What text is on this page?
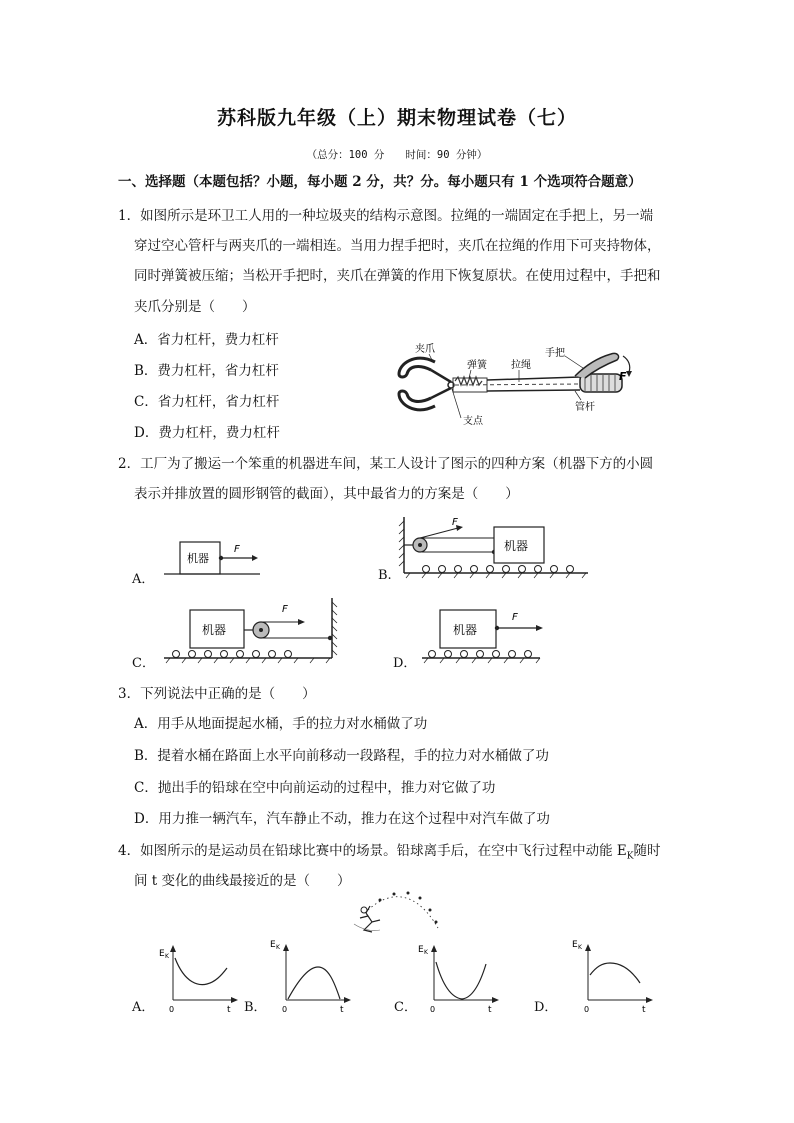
苏科版九年级（上）期末物理试卷（七）
（总分：100 分　　时间：90 分钟）
一、选择题（本题包括？小题，每小题 2 分，共？分。每小题只有 1 个选项符合题意）
1．如图所示是环卫工人用的一种垃圾夹的结构示意图。拉绳的一端固定在手把上，另一端
穿过空心管杆与两夹爪的一端相连。当用力捏手把时，夹爪在拉绳的作用下可夹持物体，
同时弹簧被压缩；当松开手把时，夹爪在弹簧的作用下恢复原状。在使用过程中，手把和
夹爪分别是（　　）
A．省力杠杆，费力杠杆
B．费力杠杆，省力杠杆
C．省力杠杆，省力杠杆
D．费力杠杆，费力杠杆
夹爪
弹簧 拉绳
手把
支点
管杆
F
2．工厂为了搬运一个笨重的机器进车间，某工人设计了图示的四种方案（机器下方的小圆
表示并排放置的圆形钢管的截面），其中最省力的方案是（　　）
A．
机器
F
B.
机器
F
C．
机器
F
D．
机器
F
3．下列说法中正确的是（　　）
A．用手从地面提起水桶，手的拉力对水桶做了功
B．提着水桶在路面上水平向前移动一段路程，手的拉力对水桶做了功
C．抛出手的铅球在空中向前运动的过程中，推力对它做了功
D．用力推一辆汽车，汽车静止不动，推力在这个过程中对汽车做了功
4．如图所示的是运动员在铅球比赛中的场景。铅球离手后，在空中飞行过程中动能 $E_K$随时
间 t 变化的曲线最接近的是（　　）
A．	B．	C．	D．
E K
0	t
E K
0	t
E K
0	t
E K
0	t
